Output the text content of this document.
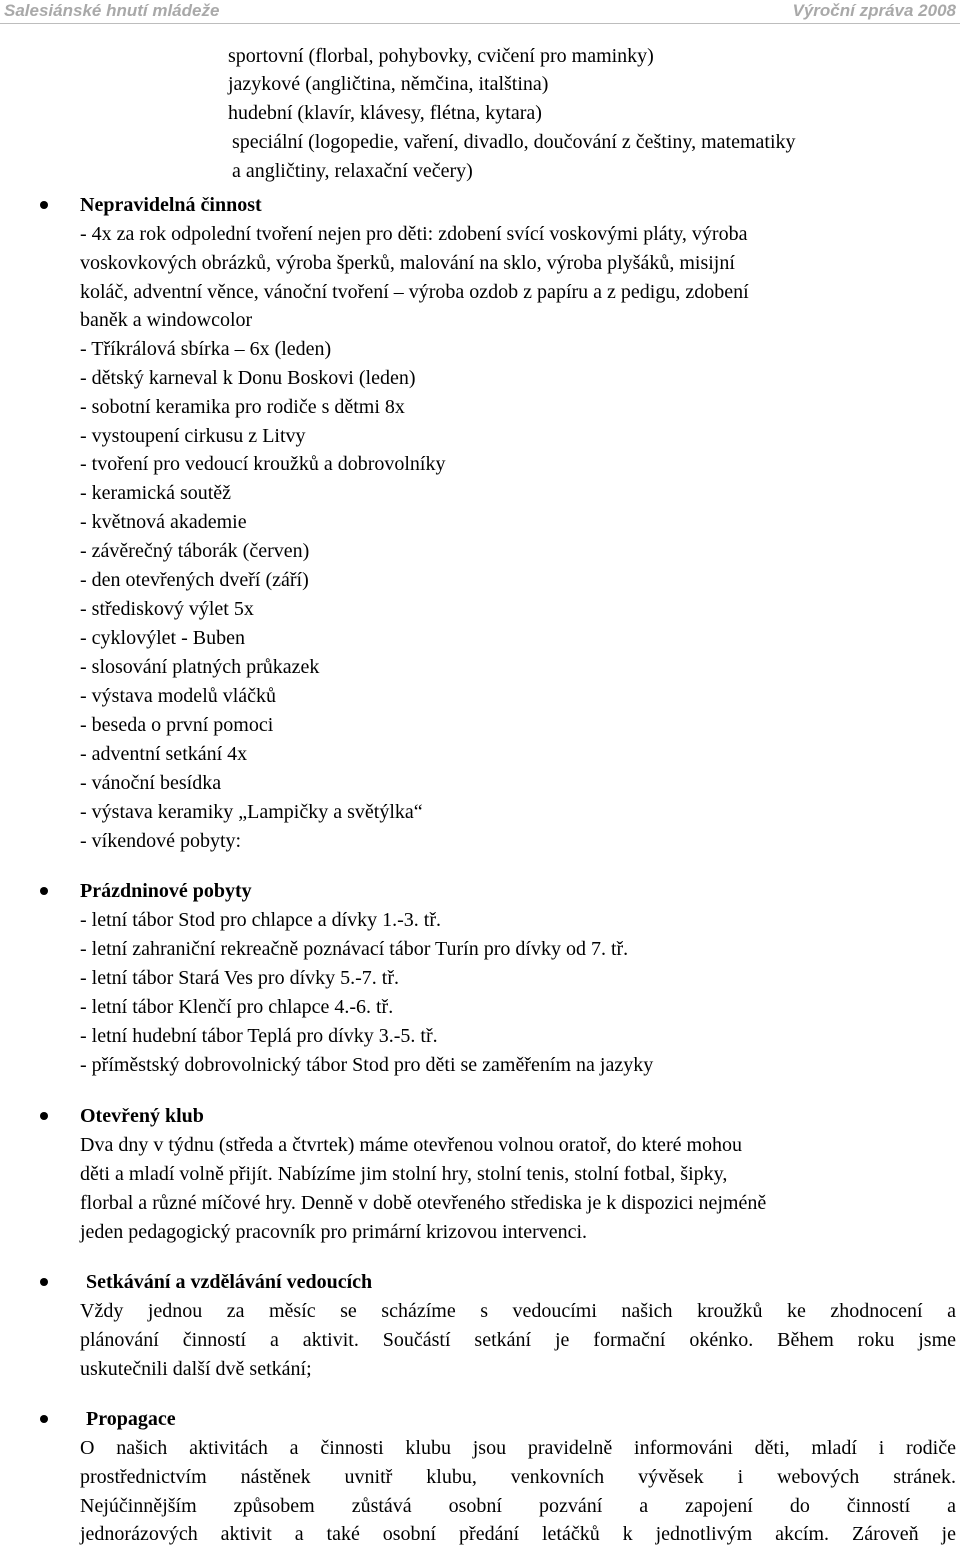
Salesiánské hnutí mládeže	Výroční zpráva 2008
sportovní (florbal, pohybovky, cvičení pro maminky)
jazykové (angličtina, němčina, italština)
hudební (klavír, klávesy, flétna, kytara)
speciální (logopedie, vaření, divadlo, doučování z češtiny, matematiky
a angličtiny, relaxační večery)
Nepravidelná činnost
- 4x za rok odpolední tvoření nejen pro děti: zdobení svící voskovými pláty, výroba
voskovkových obrázků, výroba šperků, malování na sklo, výroba plyšáků, misijní
koláč, adventní věnce, vánoční tvoření – výroba ozdob z papíru a z pedigu, zdobení
baněk a windowcolor
- Tříkrálová sbírka – 6x (leden)
- dětský karneval k Donu Boskovi (leden)
- sobotní keramika pro rodiče s dětmi 8x
- vystoupení cirkusu z Litvy
- tvoření pro vedoucí kroužků a dobrovolníky
- keramická soutěž
- květnová akademie
- závěrečný táborák (červen)
- den otevřených dveří (září)
- střediskový výlet 5x
- cyklovýlet - Buben
- slosování platných průkazek
- výstava modelů vláčků
- beseda o první pomoci
- adventní setkání 4x
- vánoční besídka
- výstava keramiky „Lampičky a světýlka“
- víkendové pobyty:
Prázdninové pobyty
- letní tábor Stod pro chlapce a dívky 1.-3. tř.
- letní zahraniční rekreačně poznávací tábor Turín pro dívky od 7. tř.
- letní tábor Stará Ves pro dívky 5.-7. tř.
- letní tábor Klenčí pro chlapce 4.-6. tř.
- letní hudební tábor Teplá pro dívky 3.-5. tř.
- příměstský dobrovolnický tábor Stod pro děti se zaměřením na jazyky
Otevřený klub
Dva dny v týdnu (středa a čtvrtek) máme otevřenou volnou oratoř, do které mohou
děti a mladí volně přijít. Nabízíme jim stolní hry, stolní tenis, stolní fotbal, šipky,
florbal a různé míčové hry. Denně v době otevřeného střediska je k dispozici nejméně
jeden pedagogický pracovník pro primární krizovou intervenci.
Setkávání a vzdělávání vedoucích
Vždy jednou za měsíc se scházíme s vedoucími našich kroužků ke zhodnocení a
plánování činností a aktivit. Součástí setkání je formační okénko. Během roku jsme
uskutečnili další dvě setkání;
Propagace
O našich aktivitách a činnosti klubu jsou pravidelně informováni děti, mladí i rodiče
prostřednictvím nástěnek uvnitř klubu, venkovních vývěsek i webových stránek.
Nejúčinnějším způsobem zůstává osobní pozvání a zapojení do činností a
jednorázových aktivit a také osobní předání letáčků k jednotlivým akcím. Zároveň je
